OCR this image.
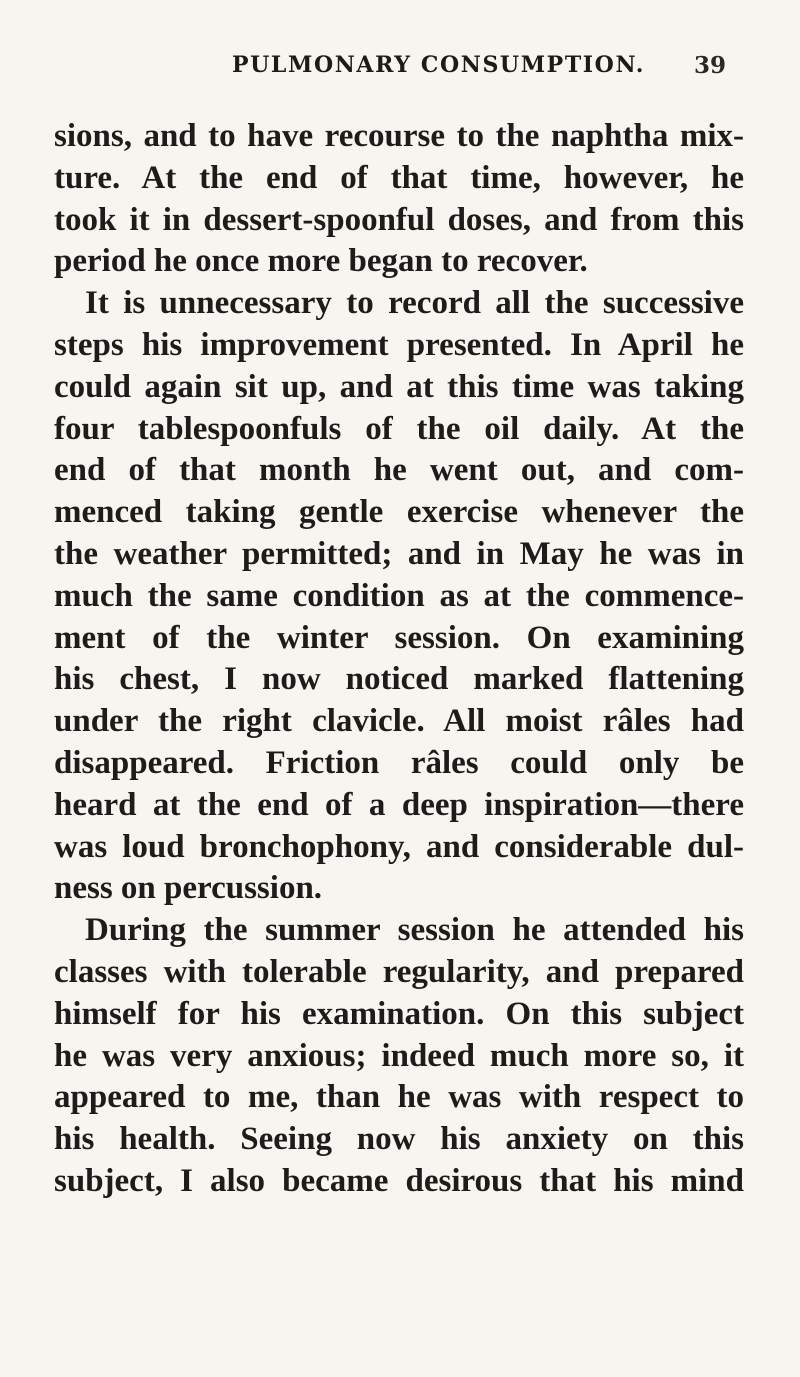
PULMONARY CONSUMPTION. 39
sions, and to have recourse to the naphtha mix-
ture. At the end of that time, however, he
took it in dessert-spoonful doses, and from this
period he once more began to recover.
It is unnecessary to record all the successive
steps his improvement presented. In April he
could again sit up, and at this time was taking
four tablespoonfuls of the oil daily. At the
end of that month he went out, and com-
menced taking gentle exercise whenever the
the weather permitted; and in May he was in
much the same condition as at the commence-
ment of the winter session. On examining
his chest, I now noticed marked flattening
under the right clavicle. All moist râles had
disappeared. Friction râles could only be
heard at the end of a deep inspiration—there
was loud bronchophony, and considerable dul-
ness on percussion.
During the summer session he attended his
classes with tolerable regularity, and prepared
himself for his examination. On this subject
he was very anxious; indeed much more so, it
appeared to me, than he was with respect to
his health. Seeing now his anxiety on this
subject, I also became desirous that his mind
